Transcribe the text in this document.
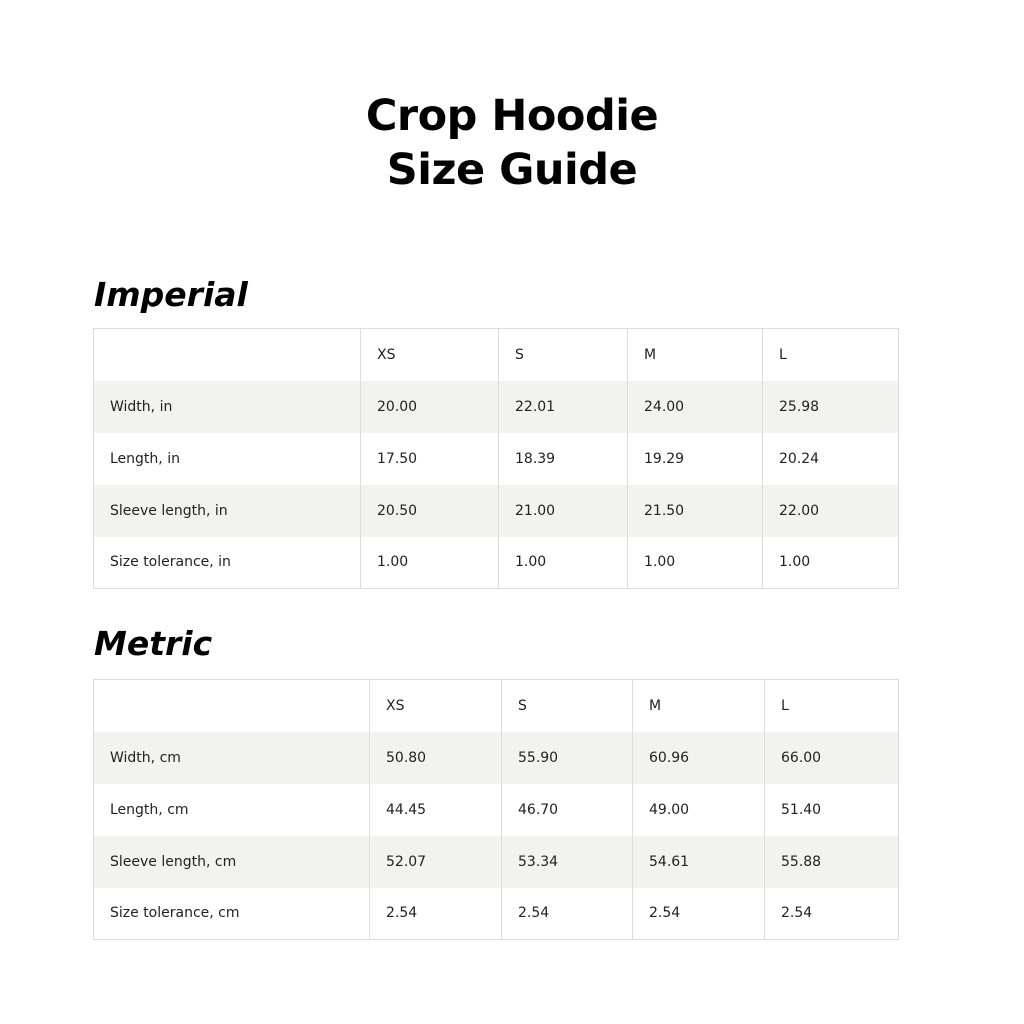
Crop Hoodie
Size Guide
Imperial
	XS	S	M	L
Width, in	20.00	22.01	24.00	25.98
Length, in	17.50	18.39	19.29	20.24
Sleeve length, in	20.50	21.00	21.50	22.00
Size tolerance, in	1.00	1.00	1.00	1.00
Metric
	XS	S	M	L
Width, cm	50.80	55.90	60.96	66.00
Length, cm	44.45	46.70	49.00	51.40
Sleeve length, cm	52.07	53.34	54.61	55.88
Size tolerance, cm	2.54	2.54	2.54	2.54
